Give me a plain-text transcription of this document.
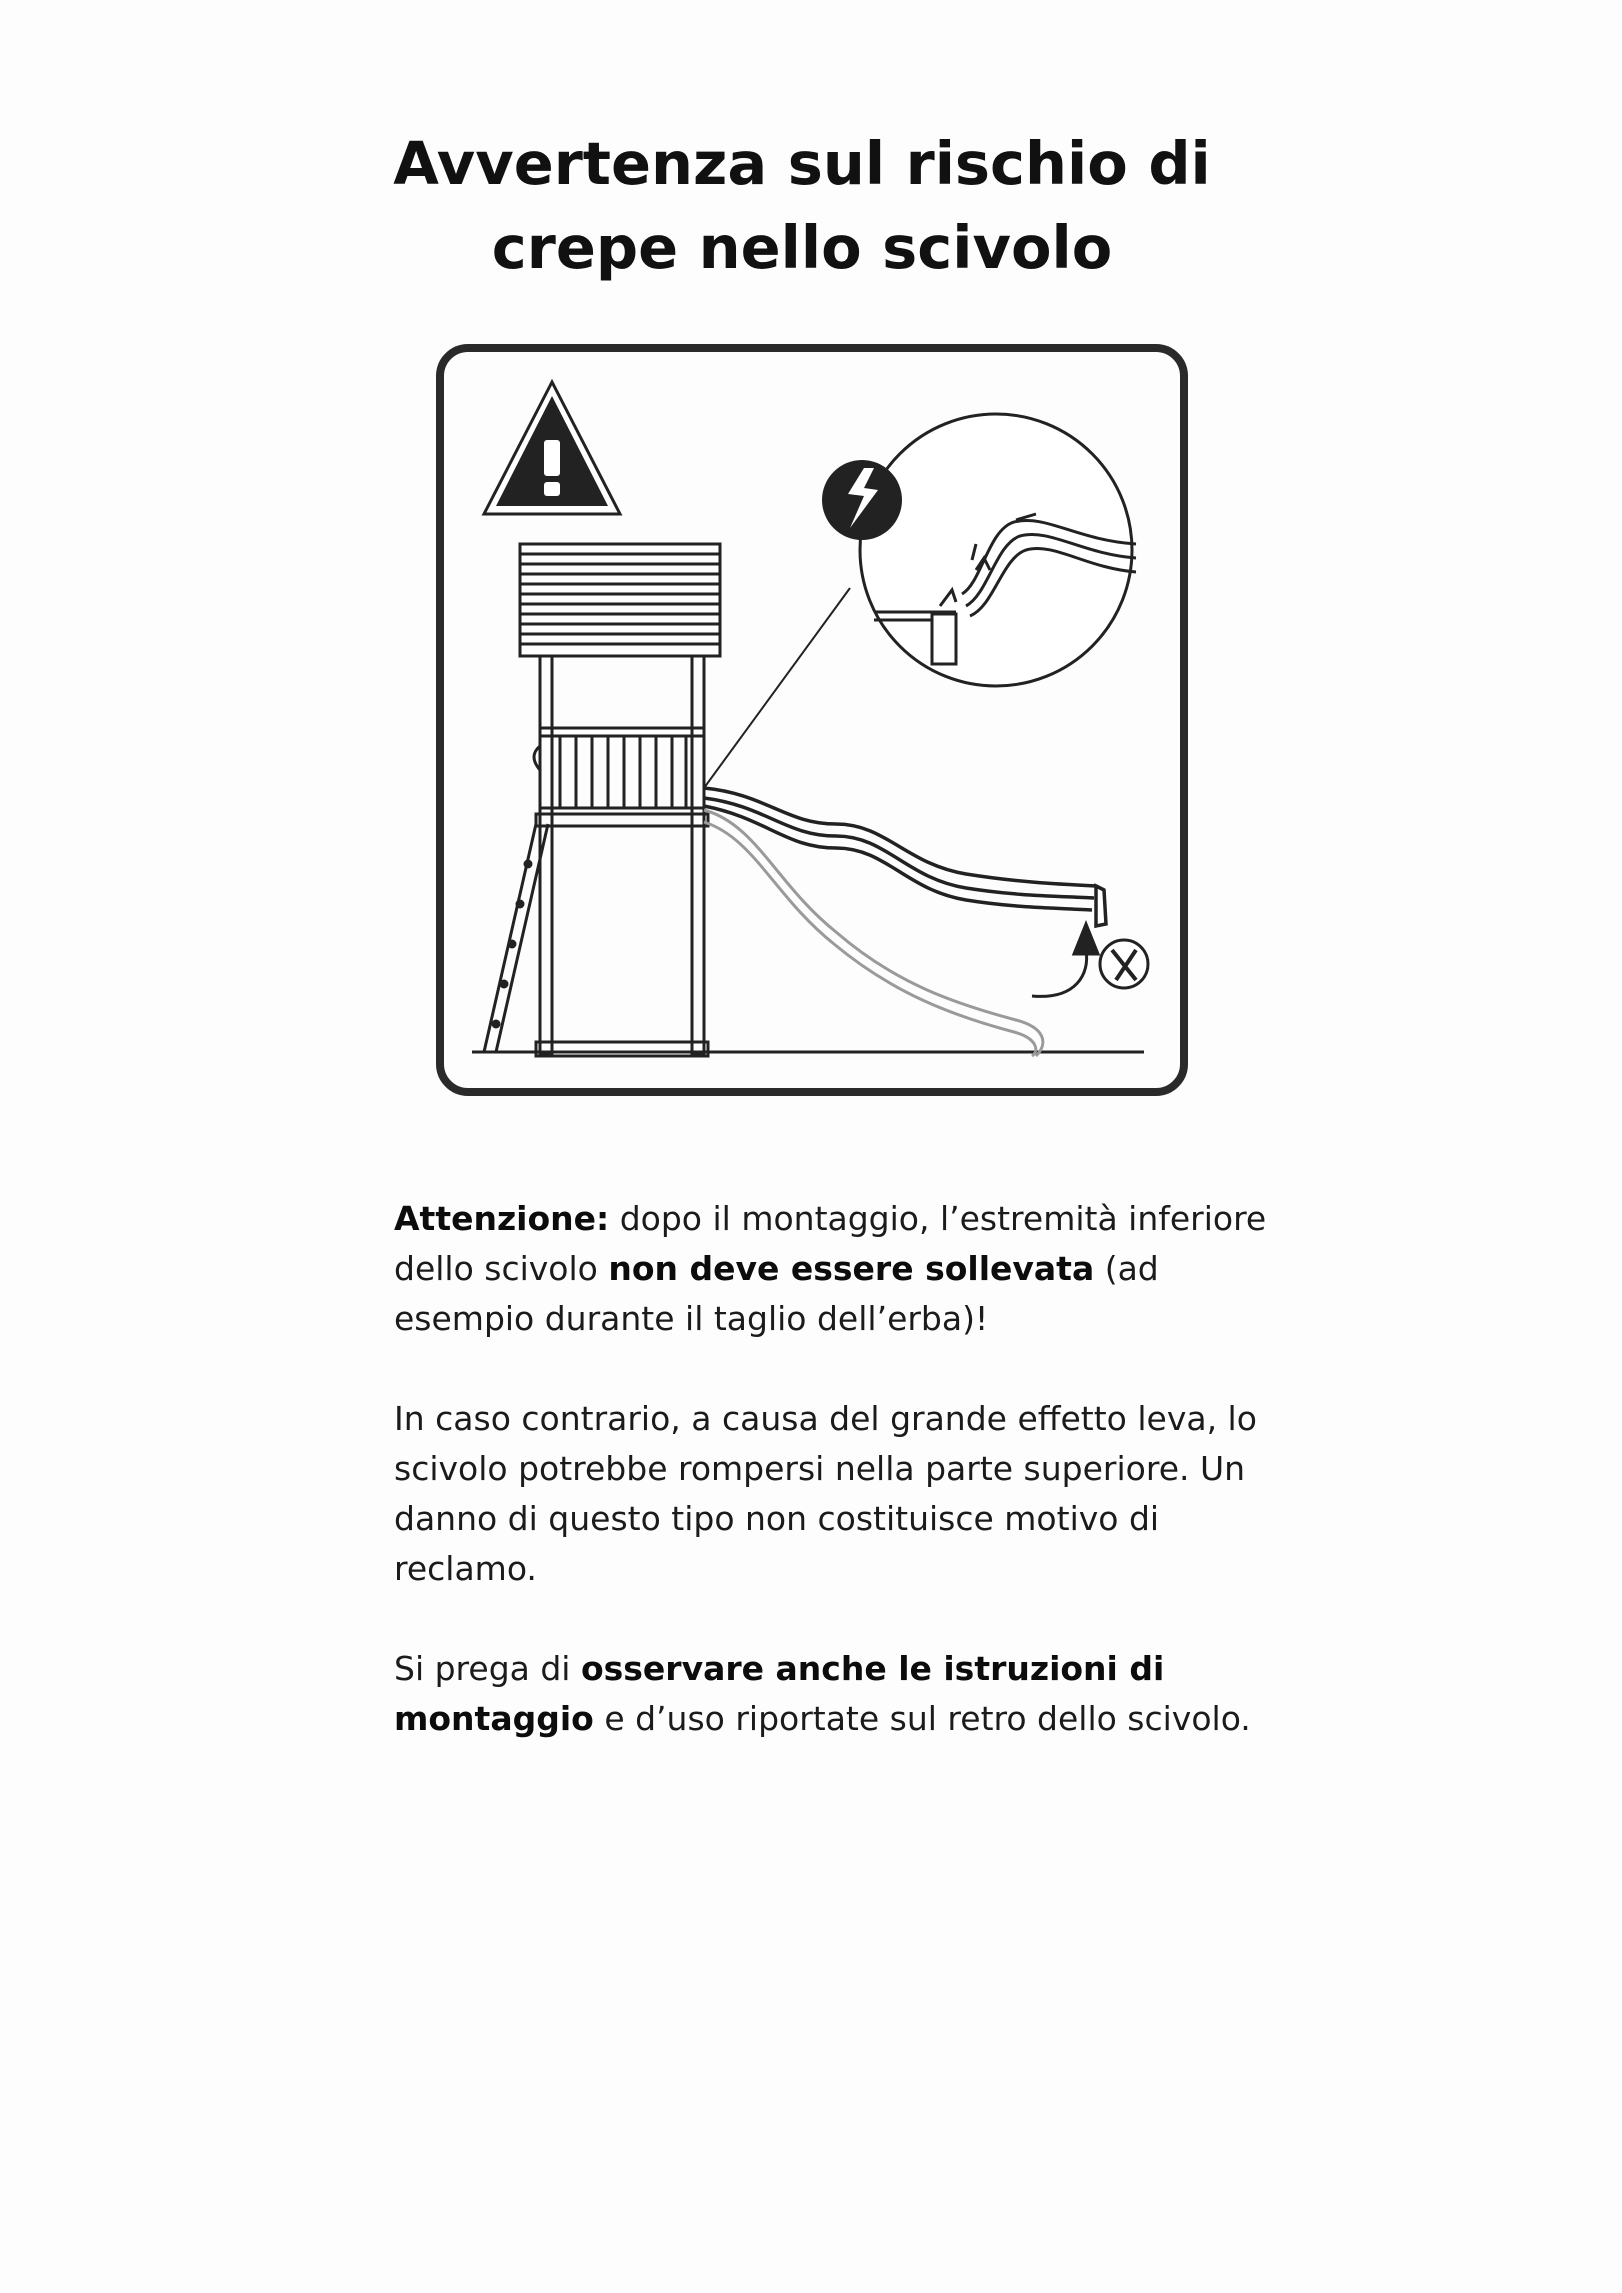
Avvertenza sul rischio di
crepe nello scivolo

Attenzione: dopo il montaggio, l’estremità inferiore dello scivolo non deve essere sollevata (ad esempio durante il taglio dell’erba)!

In caso contrario, a causa del grande effetto leva, lo scivolo potrebbe rompersi nella parte superiore. Un danno di questo tipo non costituisce motivo di reclamo.

Si prega di osservare anche le istruzioni di montaggio e d’uso riportate sul retro dello scivolo.
